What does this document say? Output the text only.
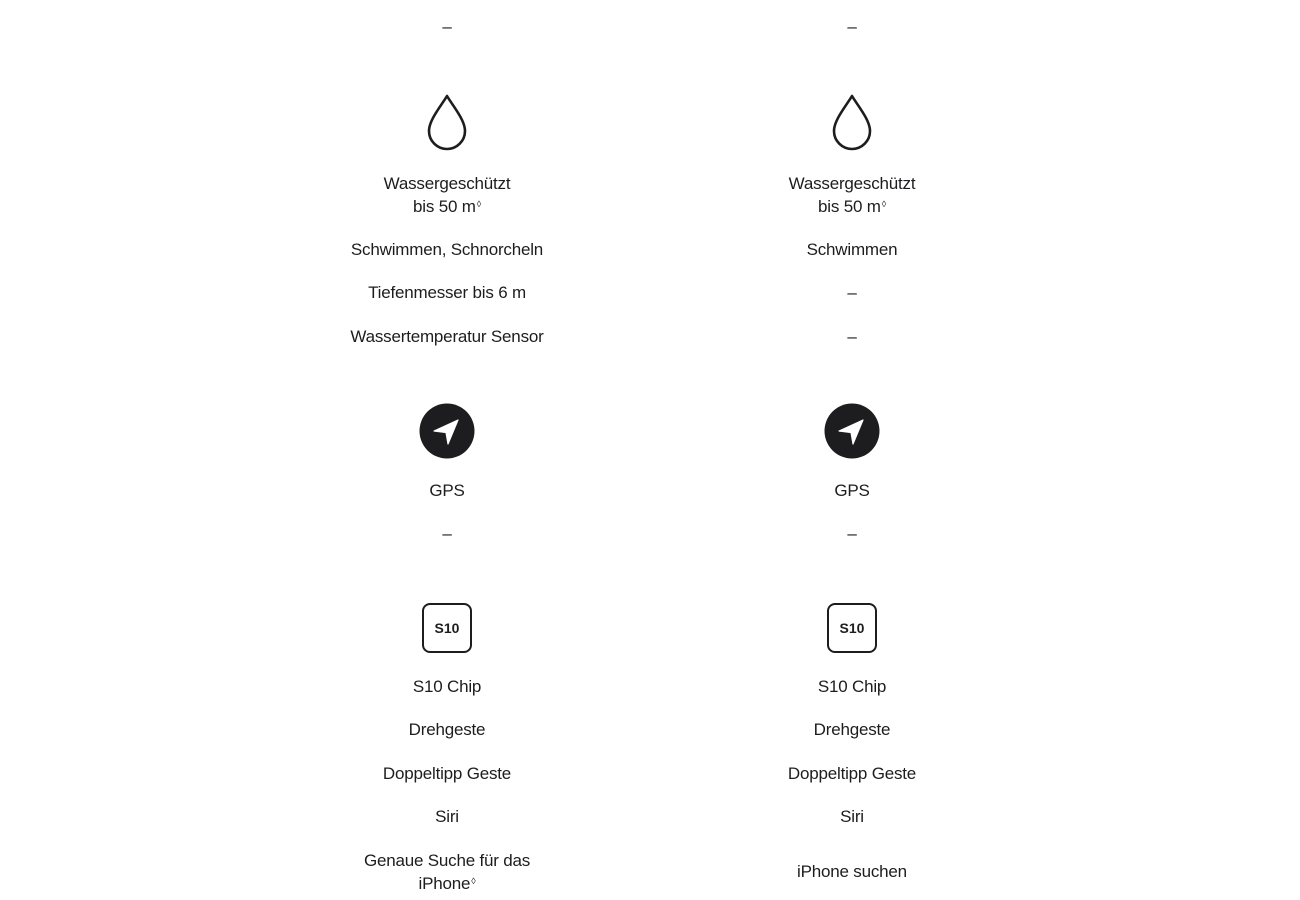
–
Wassergeschützt
bis 50 m◊
Schwimmen, Schnorcheln
Tiefenmesser bis 6 m
Wassertemperatur Sensor
GPS
–
S10
S10 Chip
Drehgeste
Doppeltipp Geste
Siri
Genaue Suche für das
iPhone◊
–
Wassergeschützt
bis 50 m◊
Schwimmen
–
–
GPS
–
S10
S10 Chip
Drehgeste
Doppeltipp Geste
Siri
iPhone suchen
